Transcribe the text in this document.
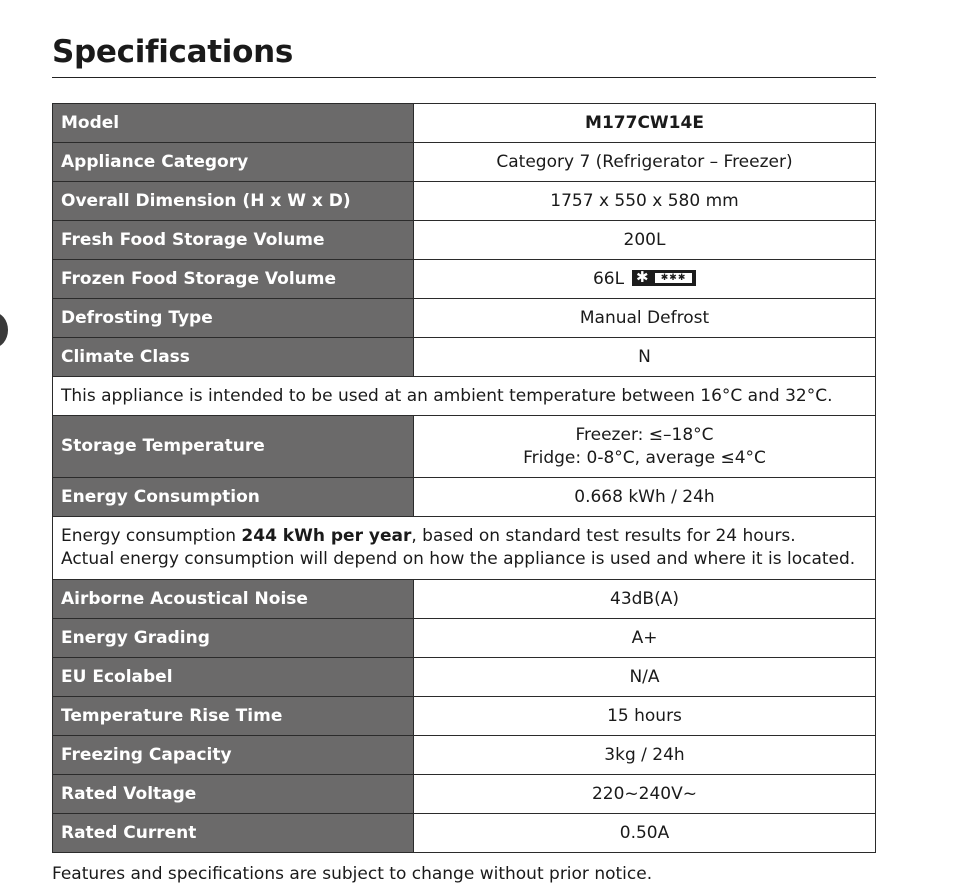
Specifications
Model	M177CW14E
Appliance Category	Category 7 (Refrigerator – Freezer)
Overall Dimension (H x W x D)	1757 x 550 x 580 mm
Fresh Food Storage Volume	200L
Frozen Food Storage Volume	66L ✱ ✱✱✱

Defrosting Type	Manual Defrost
Climate Class	N
This appliance is intended to be used at an ambient temperature between 16°C and 32°C.	
Storage Temperature	Freezer: ≤–18°C
Fridge: 0-8°C, average ≤4°C

Energy Consumption	0.668 kWh / 24h

Energy consumption 244 kWh per year, based on standard test results for 24 hours.
Actual energy consumption will depend on how the appliance is used and where it is located.	

Airborne Acoustical Noise	43dB(A)
Energy Grading	A+
EU Ecolabel	N/A
Temperature Rise Time	15 hours
Freezing Capacity	3kg / 24h
Rated Voltage	220~240V~
Rated Current	0.50A
Features and specifications are subject to change without prior notice.
